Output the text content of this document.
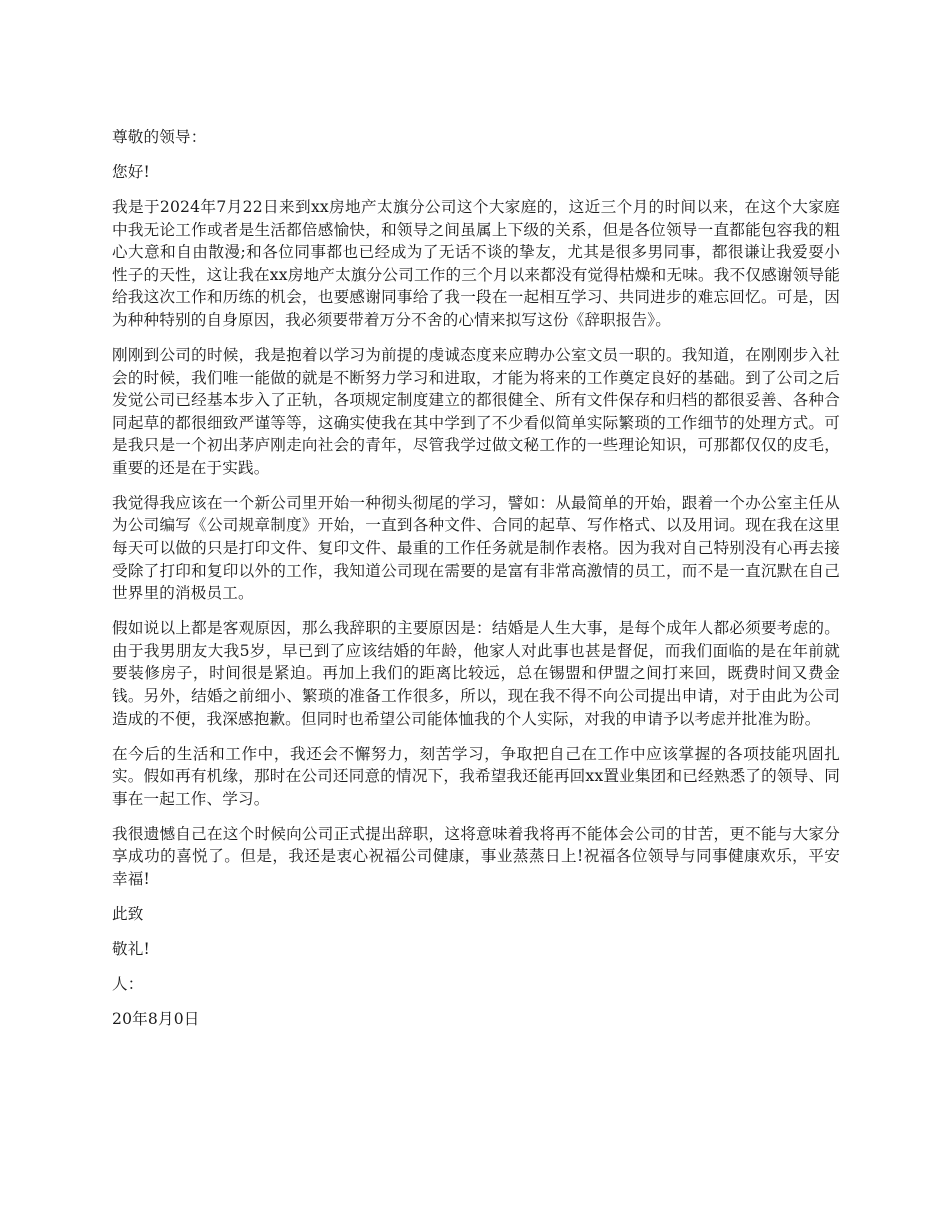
尊敬的领导：

您好!

我是于2024年7月22日来到xx房地产太旗分公司这个大家庭的，这近三个月的时间以来，在这个大家庭中我无论工作或者是生活都倍感愉快，和领导之间虽属上下级的关系，但是各位领导一直都能包容我的粗心大意和自由散漫;和各位同事都也已经成为了无话不谈的挚友，尤其是很多男同事，都很谦让我爱耍小性子的天性，这让我在xx房地产太旗分公司工作的三个月以来都没有觉得枯燥和无味。我不仅感谢领导能给我这次工作和历练的机会，也要感谢同事给了我一段在一起相互学习、共同进步的难忘回忆。可是，因为种种特别的自身原因，我必须要带着万分不舍的心情来拟写这份《辞职报告》。

刚刚到公司的时候，我是抱着以学习为前提的虔诚态度来应聘办公室文员一职的。我知道，在刚刚步入社会的时候，我们唯一能做的就是不断努力学习和进取，才能为将来的工作奠定良好的基础。到了公司之后发觉公司已经基本步入了正轨，各项规定制度建立的都很健全、所有文件保存和归档的都很妥善、各种合同起草的都很细致严谨等等，这确实使我在其中学到了不少看似简单实际繁琐的工作细节的处理方式。可是我只是一个初出茅庐刚走向社会的青年，尽管我学过做文秘工作的一些理论知识，可那都仅仅的皮毛，重要的还是在于实践。

我觉得我应该在一个新公司里开始一种彻头彻尾的学习，譬如：从最简单的开始，跟着一个办公室主任从为公司编写《公司规章制度》开始，一直到各种文件、合同的起草、写作格式、以及用词。现在我在这里每天可以做的只是打印文件、复印文件、最重的工作任务就是制作表格。因为我对自己特别没有心再去接受除了打印和复印以外的工作，我知道公司现在需要的是富有非常高激情的员工，而不是一直沉默在自己世界里的消极员工。

假如说以上都是客观原因，那么我辞职的主要原因是：结婚是人生大事，是每个成年人都必须要考虑的。由于我男朋友大我5岁，早已到了应该结婚的年龄，他家人对此事也甚是督促，而我们面临的是在年前就要装修房子，时间很是紧迫。再加上我们的距离比较远，总在锡盟和伊盟之间打来回，既费时间又费金钱。另外，结婚之前细小、繁琐的准备工作很多，所以，现在我不得不向公司提出申请，对于由此为公司造成的不便，我深感抱歉。但同时也希望公司能体恤我的个人实际，对我的申请予以考虑并批准为盼。

在今后的生活和工作中，我还会不懈努力，刻苦学习，争取把自己在工作中应该掌握的各项技能巩固扎实。假如再有机缘，那时在公司还同意的情况下，我希望我还能再回xx置业集团和已经熟悉了的领导、同事在一起工作、学习。

我很遗憾自己在这个时候向公司正式提出辞职，这将意味着我将再不能体会公司的甘苦，更不能与大家分享成功的喜悦了。但是，我还是衷心祝福公司健康，事业蒸蒸日上!祝福各位领导与同事健康欢乐，平安幸福!

此致

敬礼!

人：

20年8月0日
